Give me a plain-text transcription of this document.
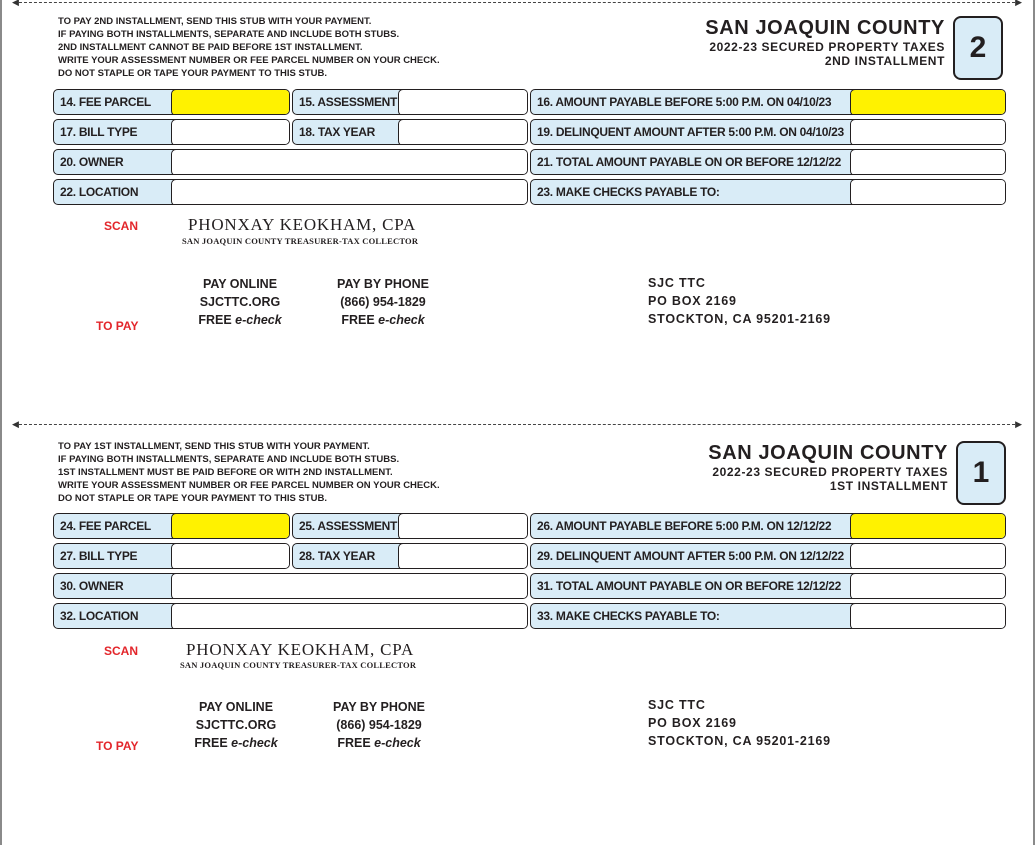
◀	▶
TO PAY 2ND INSTALLMENT, SEND THIS STUB WITH YOUR PAYMENT.
IF PAYING BOTH INSTALLMENTS, SEPARATE AND INCLUDE BOTH STUBS.
2ND INSTALLMENT CANNOT BE PAID BEFORE 1ST INSTALLMENT.
WRITE YOUR ASSESSMENT NUMBER OR FEE PARCEL NUMBER ON YOUR CHECK.
DO NOT STAPLE OR TAPE YOUR PAYMENT TO THIS STUB.
SAN JOAQUIN COUNTY
2022-23 SECURED PROPERTY TAXES
2ND INSTALLMENT 2
14. FEE PARCEL	15. ASSESSMENT	16. AMOUNT PAYABLE BEFORE 5:00 P.M. ON 04/10/23
17. BILL TYPE	18. TAX YEAR	19. DELINQUENT AMOUNT AFTER 5:00 P.M. ON 04/10/23
20. OWNER	21. TOTAL AMOUNT PAYABLE ON OR BEFORE 12/12/22
22. LOCATION	23. MAKE CHECKS PAYABLE TO:
SCAN	PHONXAY KEOKHAM, CPA
SAN JOAQUIN COUNTY TREASURER-TAX COLLECTOR
TO PAY
PAY ONLINE
SJCTTC.ORG
FREE e-check
PAY BY PHONE
(866) 954-1829
FREE e-check
SJC TTC
PO BOX 2169
STOCKTON, CA 95201-2169
◀	▶
TO PAY 1ST INSTALLMENT, SEND THIS STUB WITH YOUR PAYMENT.
IF PAYING BOTH INSTALLMENTS, SEPARATE AND INCLUDE BOTH STUBS.
1ST INSTALLMENT MUST BE PAID BEFORE OR WITH 2ND INSTALLMENT.
WRITE YOUR ASSESSMENT NUMBER OR FEE PARCEL NUMBER ON YOUR CHECK.
DO NOT STAPLE OR TAPE YOUR PAYMENT TO THIS STUB.
SAN JOAQUIN COUNTY
2022-23 SECURED PROPERTY TAXES
1ST INSTALLMENT 1
24. FEE PARCEL	25. ASSESSMENT	26. AMOUNT PAYABLE BEFORE 5:00 P.M. ON 12/12/22
27. BILL TYPE	28. TAX YEAR	29. DELINQUENT AMOUNT AFTER 5:00 P.M. ON 12/12/22
30. OWNER	31. TOTAL AMOUNT PAYABLE ON OR BEFORE 12/12/22
32. LOCATION	33. MAKE CHECKS PAYABLE TO:
SCAN	PHONXAY KEOKHAM, CPA
SAN JOAQUIN COUNTY TREASURER-TAX COLLECTOR
TO PAY
PAY ONLINE
SJCTTC.ORG
FREE e-check
PAY BY PHONE
(866) 954-1829
FREE e-check
SJC TTC
PO BOX 2169
STOCKTON, CA 95201-2169
